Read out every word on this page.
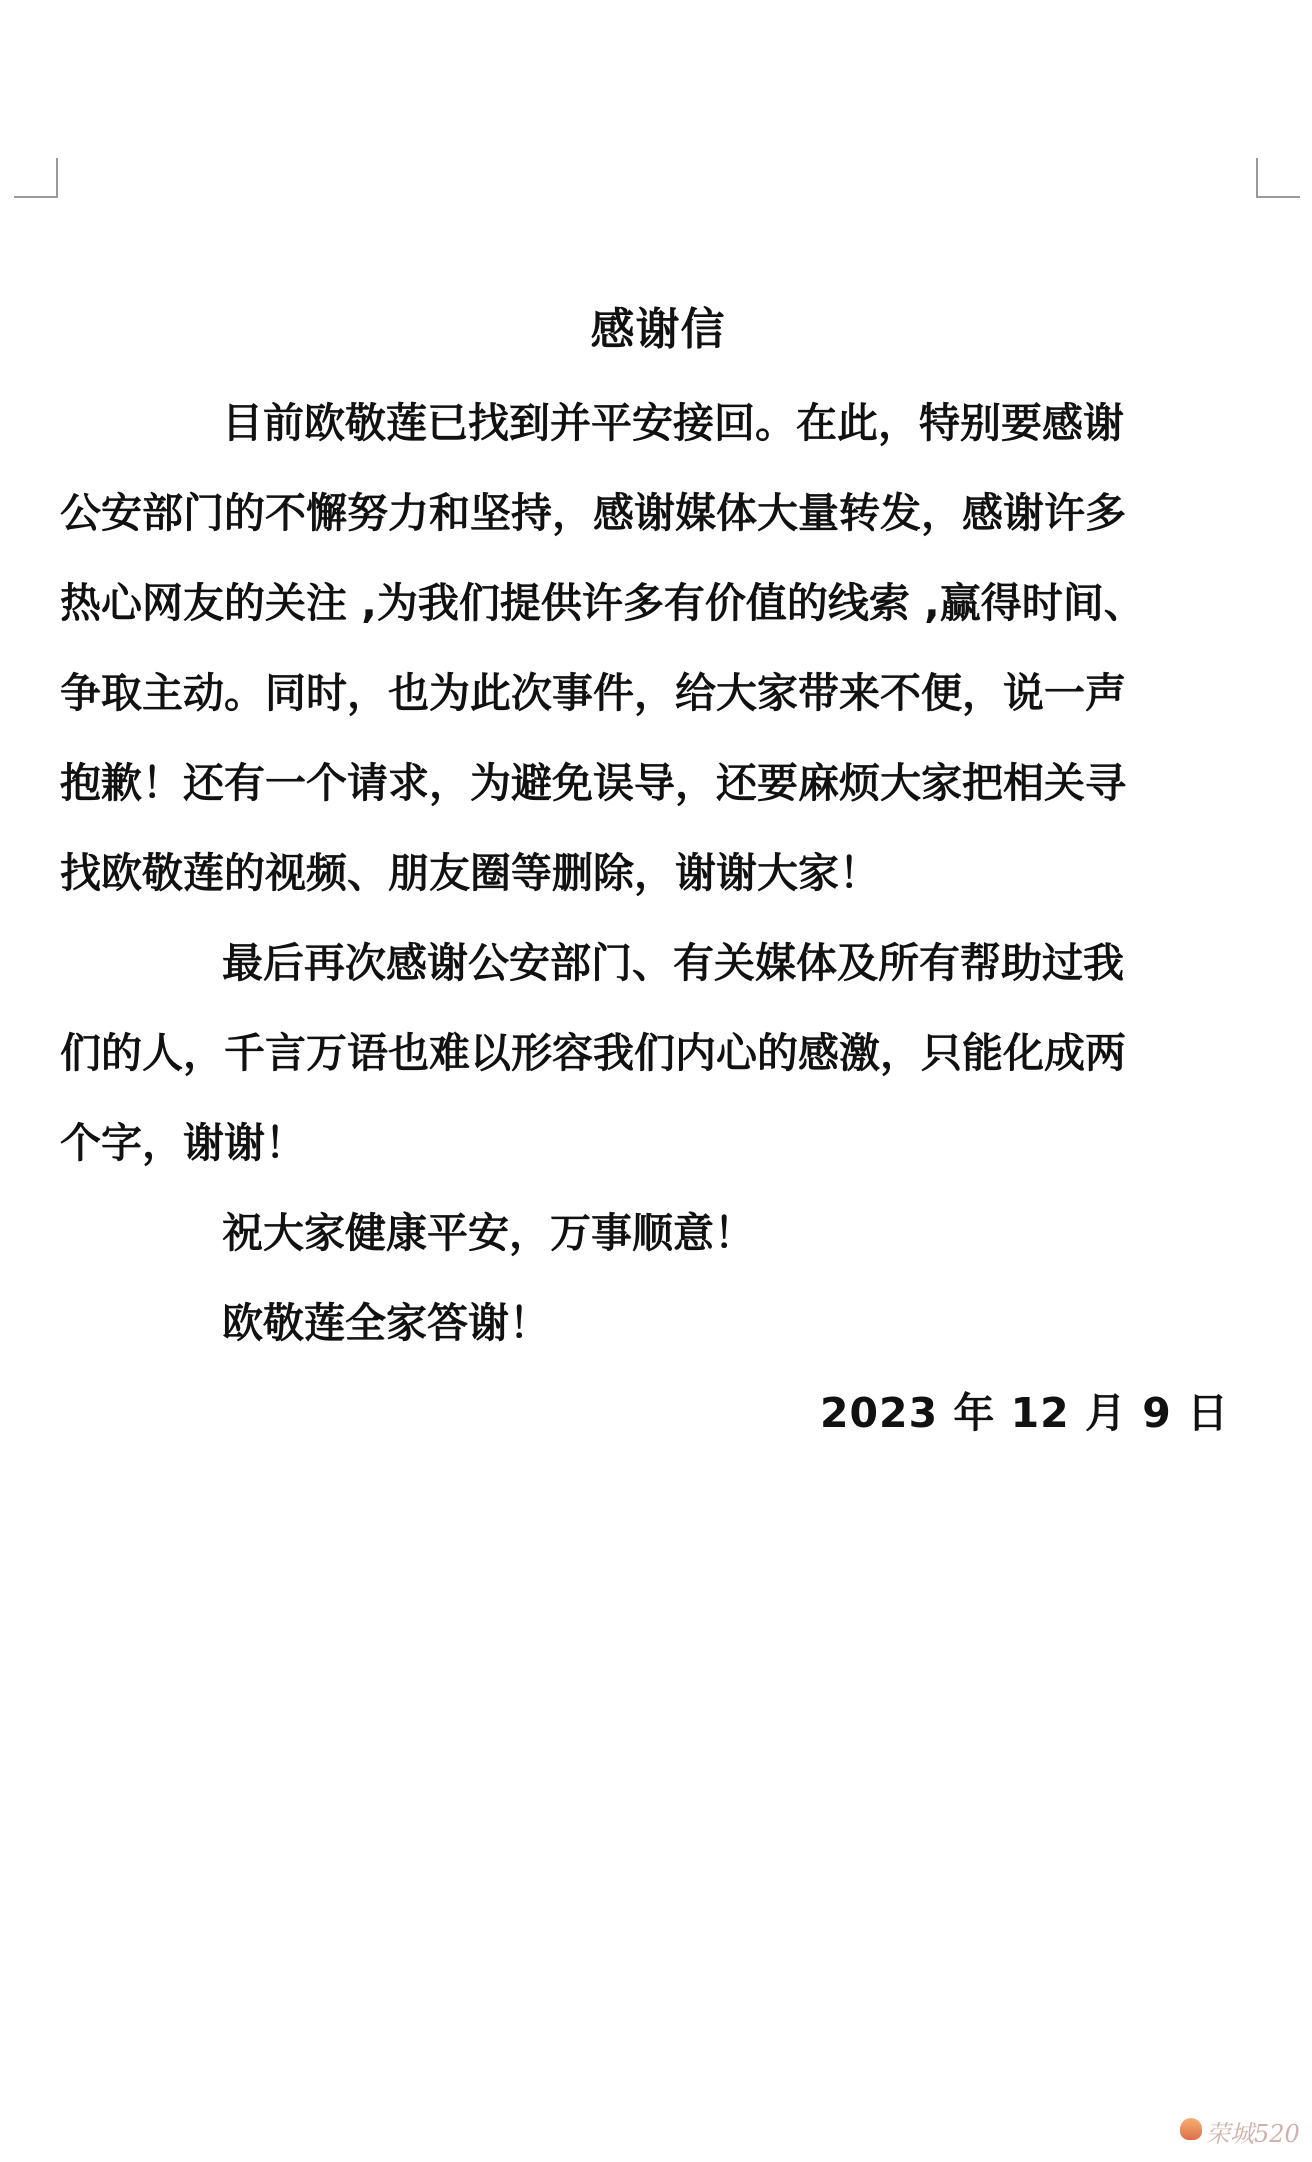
感谢信
目前欧敬莲已找到并平安接回。在此，特别要感谢
公安部门的不懈努力和坚持，感谢媒体大量转发，感谢许多
热心网友的关注 ,为我们提供许多有价值的线索 ,赢得时间、
争取主动。同时，也为此次事件，给大家带来不便，说一声
抱歉！还有一个请求，为避免误导，还要麻烦大家把相关寻
找欧敬莲的视频、朋友圈等删除，谢谢大家！
最后再次感谢公安部门、有关媒体及所有帮助过我
们的人，千言万语也难以形容我们内心的感激，只能化成两
个字，谢谢！
祝大家健康平安，万事顺意！
欧敬莲全家答谢！
2023 年 12 月 9 日
荣城520
